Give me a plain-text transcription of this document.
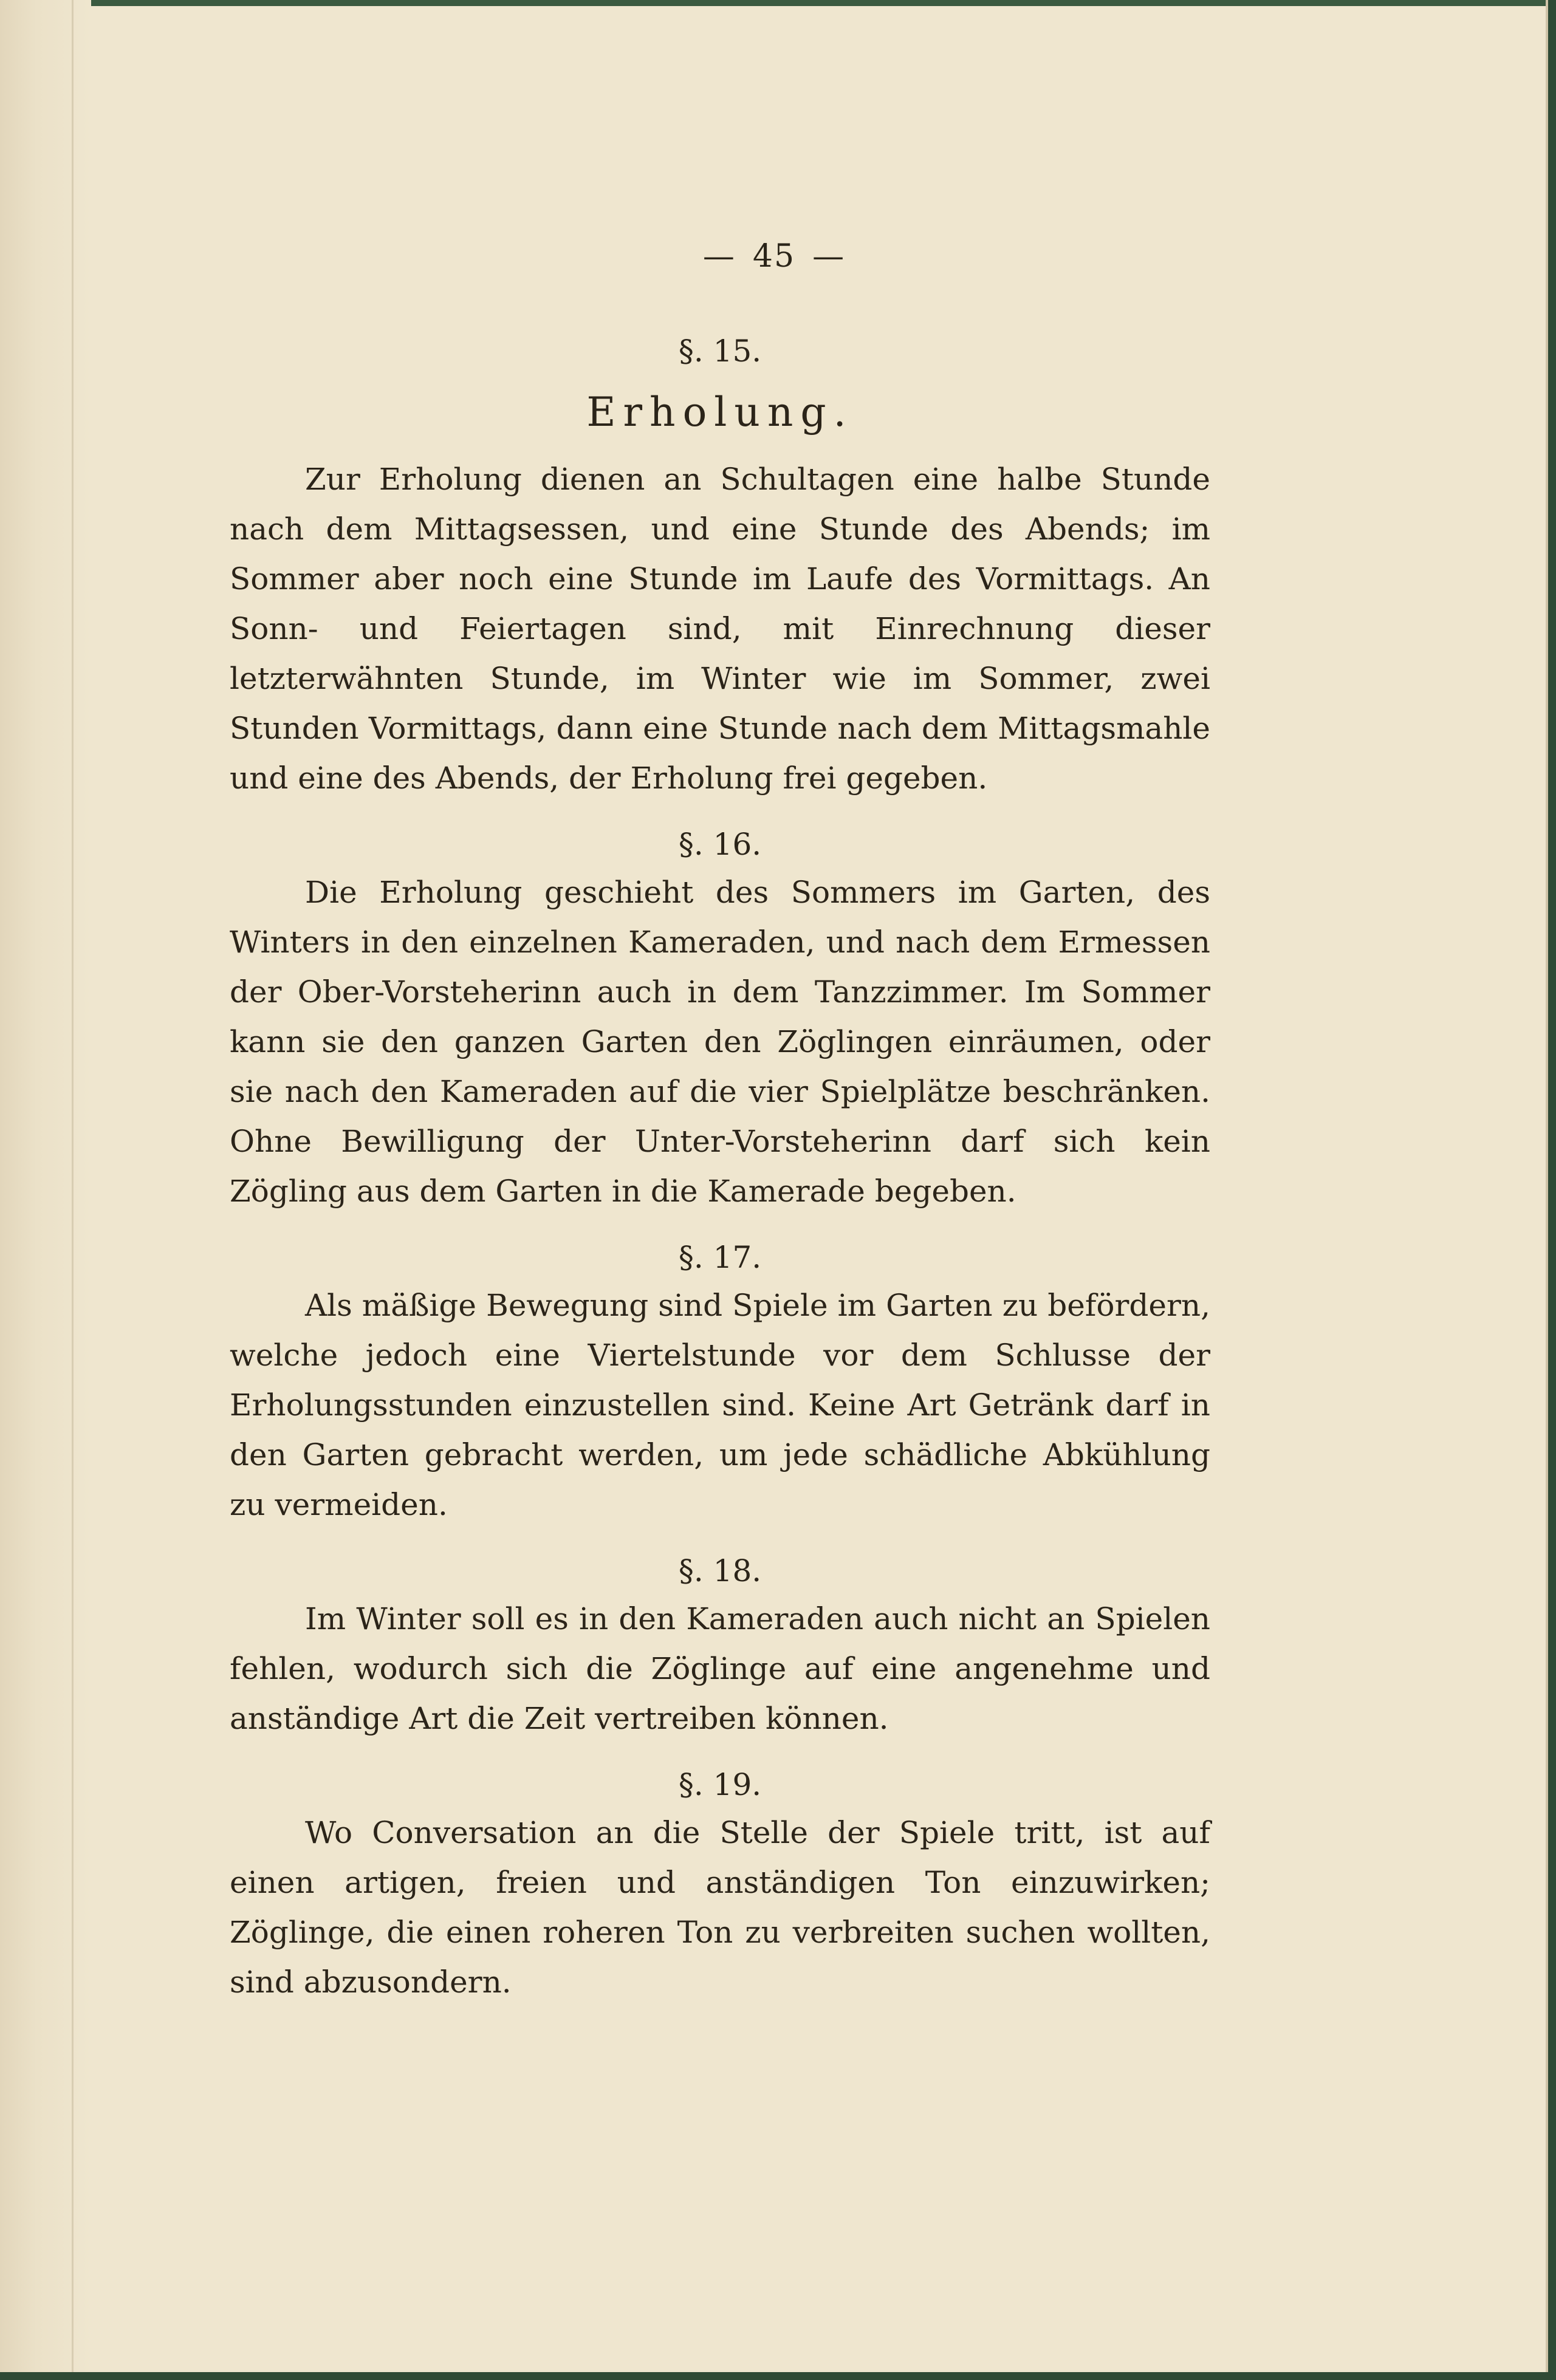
— 45 —

§. 15.

Erholung.

Zur Erholung dienen an Schultagen eine halbe Stunde nach dem Mittagsessen, und eine Stunde des Abends; im Sommer aber noch eine Stunde im Laufe des Vormittags. An Sonn- und Feiertagen sind, mit Einrechnung dieser letzterwähnten Stunde, im Winter wie im Sommer, zwei Stunden Vormittags, dann eine Stunde nach dem Mittagsmahle und eine des Abends, der Erholung frei gegeben.

§. 16.

Die Erholung geschieht des Sommers im Garten, des Winters in den einzelnen Kameraden, und nach dem Ermessen der Ober-Vorsteherinn auch in dem Tanzzimmer. Im Sommer kann sie den ganzen Garten den Zöglingen einräumen, oder sie nach den Kameraden auf die vier Spielplätze beschränken. Ohne Bewilligung der Unter-Vorsteherinn darf sich kein Zögling aus dem Garten in die Kamerade begeben.

§. 17.

Als mäßige Bewegung sind Spiele im Garten zu befördern, welche jedoch eine Viertelstunde vor dem Schlusse der Erholungsstunden einzustellen sind. Keine Art Getränk darf in den Garten gebracht werden, um jede schädliche Abkühlung zu vermeiden.

§. 18.

Im Winter soll es in den Kameraden auch nicht an Spielen fehlen, wodurch sich die Zöglinge auf eine angenehme und anständige Art die Zeit vertreiben können.

§. 19.

Wo Conversation an die Stelle der Spiele tritt, ist auf einen artigen, freien und anständigen Ton einzuwirken; Zöglinge, die einen roheren Ton zu verbreiten suchen wollten, sind abzusondern.
